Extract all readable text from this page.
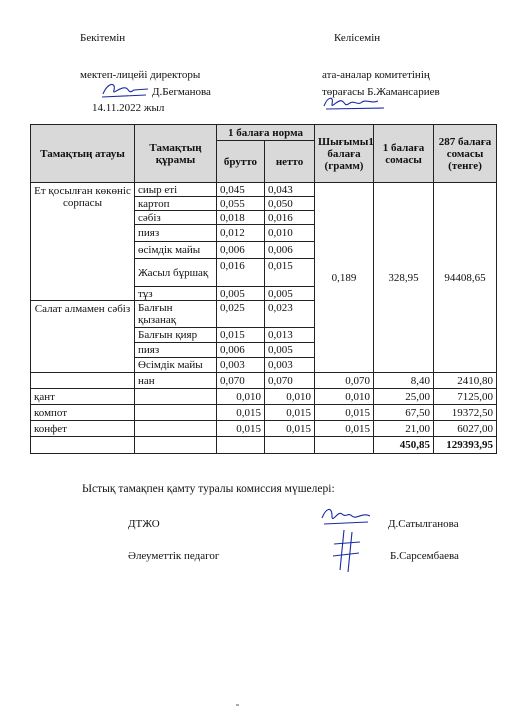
Бекітемін
мектеп-лицейі директоры
Д.Бегманова
14.11.2022 жыл
Келісемін
ата-аналар комитетінің
төрағасы Б.Жамансариев
Тамақтың атауы	Тамақтың құрамы	1 балаға норма		Шығымы1 балаға (грамм)	1 балаға сомасы	287 балаға сомасы (тенге)
		брутто	нетто			
Ет қосылған көкөніс сорпасы	сиыр еті	0,045	0,043	0,189	328,95	94408,65
	картоп	0,055	0,050			
	сәбіз	0,018	0,016			
	пияз	0,012	0,010			
	өсімдік майы	0,006	0,006			
	Жасыл бұршақ	0,016	0,015			
	тұз	0,005	0,005			
Салат алмамен сәбіз	Балғын қызанақ	0,025	0,023			
	Балғын қияр	0,015	0,013			
	пияз	0,006	0,005			
	Өсімдік майы	0,003	0,003			
	нан	0,070	0,070	0,070	8,40	2410,80
қант		0,010	0,010	0,010	25,00	7125,00
компот		0,015	0,015	0,015	67,50	19372,50
конфет		0,015	0,015	0,015	21,00	6027,00
					450,85	129393,95
Ыстық тамақпен қамту туралы комиссия мүшелері:
ДТЖО	Д.Сатылганова
Әлеуметтік педагог	Б.Сарсембаева
